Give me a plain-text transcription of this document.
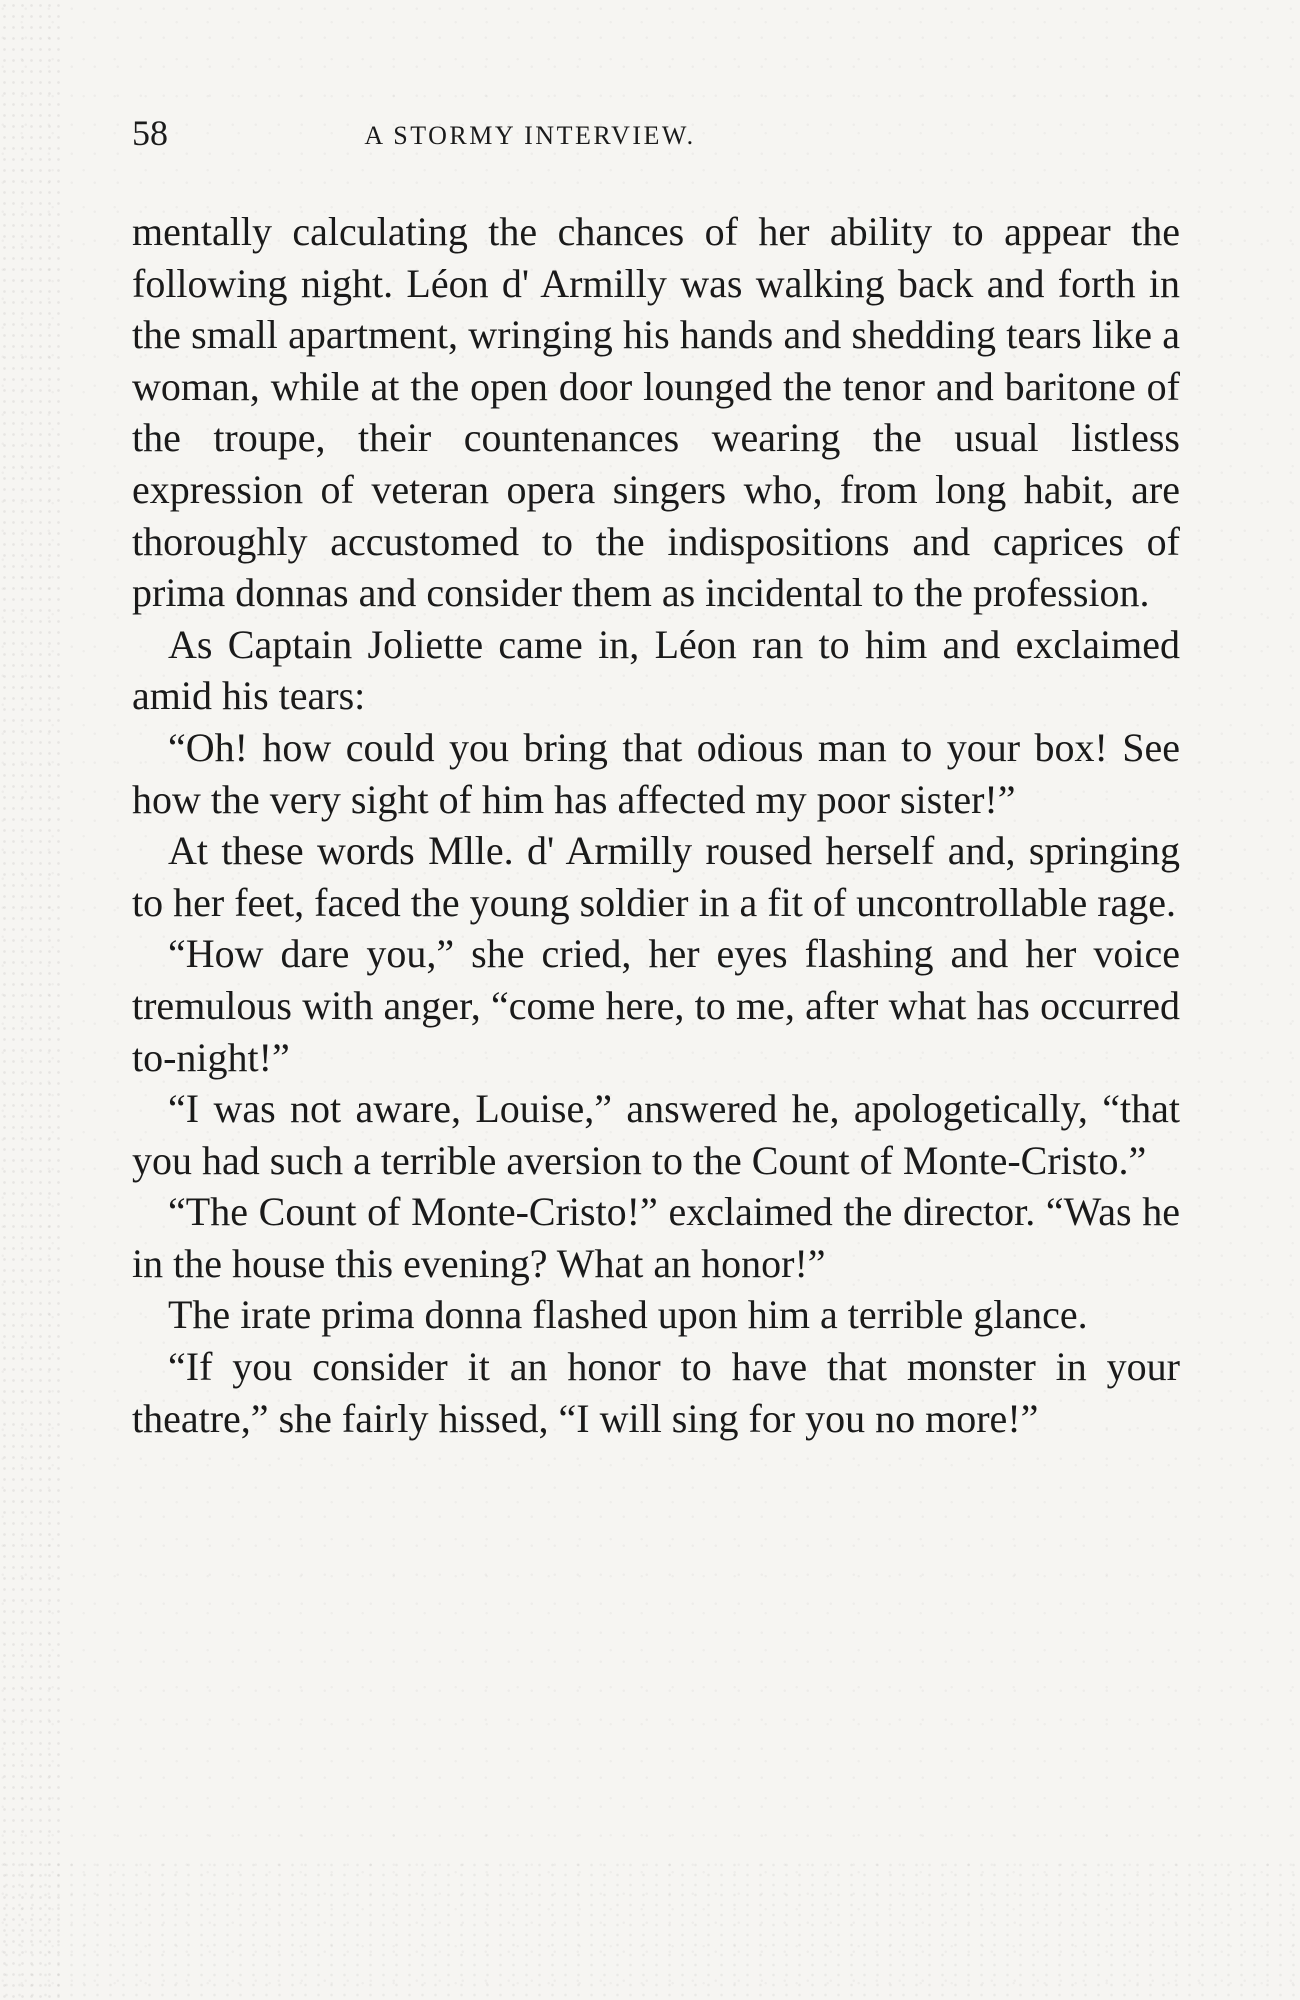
58	A STORMY INTERVIEW.

mentally calculating the chances of her ability to appear the following night. Léon d' Armilly was walking back and forth in the small apartment, wringing his hands and shedding tears like a woman, while at the open door lounged the tenor and baritone of the troupe, their countenances wearing the usual listless expression of veteran opera singers who, from long habit, are thoroughly accustomed to the indispositions and caprices of prima donnas and consider them as incidental to the profession.

As Captain Joliette came in, Léon ran to him and exclaimed amid his tears:

“Oh! how could you bring that odious man to your box! See how the very sight of him has affected my poor sister!”

At these words Mlle. d' Armilly roused herself and, springing to her feet, faced the young soldier in a fit of uncontrollable rage.

“How dare you,” she cried, her eyes flashing and her voice tremulous with anger, “come here, to me, after what has occurred to-night!”

“I was not aware, Louise,” answered he, apologetically, “that you had such a terrible aversion to the Count of Monte-Cristo.”

“The Count of Monte-Cristo!” exclaimed the director. “Was he in the house this evening? What an honor!”

The irate prima donna flashed upon him a terrible glance.

“If you consider it an honor to have that monster in your theatre,” she fairly hissed, “I will sing for you no more!”
